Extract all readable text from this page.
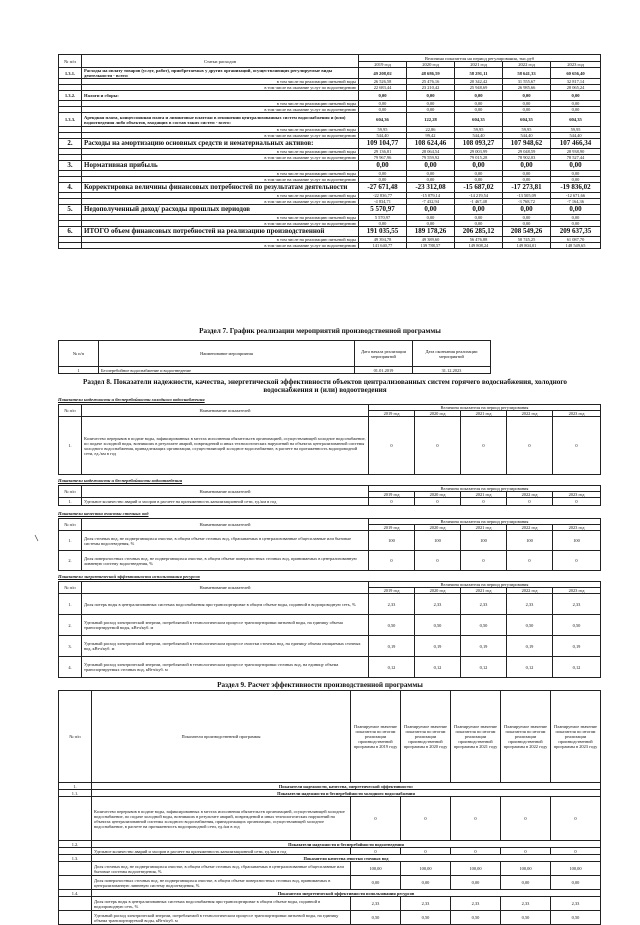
№ п/п	Статьи расходов	Величина показателя на период регулирования, тыс.руб				
		2019 год	2020 год	2021 год	2022 год	2023 год
1.3.1.	Расходы на оплату товаров (услуг, работ), приобретаемых у других организаций, осуществляющих регулируемые виды деятельности - всего:	49 208,02	48 686,59	58 291,11	58 641,33	60 656,40
	в том числе на реализацию питьевой воды	26 526,58	25 476,16	20 342,42	31 555,67	32 817,14
	в том числе на оказание услуг по водоотведению	22 683,44	23 210,42	25 948,69	26 985,66	28 065,24
1.3.2.	Налоги и сборы:	0,00	0,00	0,00	0,00	0,00
	в том числе на реализацию питьевой воды	0,00	0,00	0,00	0,00	0,00
	в том числе на оказание услуг по водоотведению	0,00	0,00	0,00	0,00	0,00
1.3.3.	Арендная плата, концессионная плата и лизинговые платежи в отношении централизованных систем водоснабжения и (или) водоотведения либо объектов, входящих в состав таких систем - всего:	604,36	122,28	604,35	604,35	604,35
	в том числе на реализацию питьевой воды	59,95	22,86	59,95	59,95	59,95
	в том числе на оказание услуг по водоотведению	544,40	99,42	544,40	544,40	544,40
2.	Расходы на амортизацию основных средств и нематериальных активов:	109 104,77	108 624,46	108 093,27	107 948,62	107 466,34
	в том числе на реализацию питьевой воды	29 136,81	28 064,54	29 003,99	29 048,59	28 938,90
	в том числе на оказание услуг по водоотведению	79 967,96	79 559,92	79 015,28	78 902,03	78 527,44
3.	Нормативная прибыль	0,00	0,00	0,00	0,00	0,00
	в том числе на реализацию питьевой воды	0,00	0,00	0,00	0,00	0,00
	в том числе на оказание услуг по водоотведению	0,00	0,00	0,00	0,00	0,00
4.	Корректировка величины финансовых потребностей по результатам деятельности	-27 671,48	-23 312,08	-15 687,02	-17 273,81	-19 836,02
	в том числе на реализацию питьевой воды	-22 836,77	-15 879,14	-14 219,54	-13 505,09	-12 671,66
	в том числе на оказание услуг по водоотведению	-4 834,71	-7 432,94	-1 467,48	-3 768,72	-7 164,36
5.	Недополученный доход/ расходы прошлых периодов	5 570,97	0,00	0,00	0,00	0,00
	в том числе на реализацию питьевой воды	5 570,97	0,00	0,00	0,00	0,00
	в том числе на оказание услуг по водоотведению	0,00	0,00	0,00	0,00	0,00
6.	ИТОГО объем финансовых потребностей на реализацию производственной	191 035,55	189 178,26	206 285,12	208 549,26	209 637,35
	в том числе на реализацию питьевой воды	49 394,78	49 389,60	56 476,88	58 745,25	61 087,70
	в том числе на оказание услуг по водоотведению	141 640,77	139 788,57	149 808,24	149 804,01	148 549,65
Раздел 7. График реализации мероприятий производственной программы
№ п/п	Наименование мероприятия	Дата начала реализации мероприятий	Дата окончания реализации мероприятий
1	Бесперебойное водоснабжение и водоотведение	01.01.2019	31.12.2023
Раздел 8. Показатели надежности, качества, энергетической эффективности объектов централизованных систем горячего водоснабжения, холодного водоснабжения и (или) водоотведения
Показатели надежности и бесперебойности холодного водоснабжения
№ п/п	Наименование показателей	Величина показателя на период регулирования				
		2019 год	2020 год	2021 год	2022 год	2023 год
1.	Количество перерывов в подаче воды, зафиксированных в местах исполнения обязательств организацией, осуществляющей холодное водоснабжение, по подаче холодной воды, возникших в результате аварий, повреждений и иных технологических нарушений на объектах централизованной системы холодного водоснабжения, принадлежащих организации, осуществляющей холодное водоснабжение, в расчете на протяженность водопроводной сети, ед./км в год	0	0	0	0	0
Показатели надежности и бесперебойности водоотведения
№ п/п	Наименование показателей	Величина показателя на период регулирования				
		2019 год	2020 год	2021 год	2022 год	2023 год
1.	Удельное количество аварий и засоров в расчете на протяженность канализационной сети, ед./км в год	0	0	0	0	0
Показатели качества очистки сточных вод
№ п/п	Наименование показателей	Величина показателя на период регулирования				
		2019 год	2020 год	2021 год	2022 год	2023 год
1.	Доля сточных вод, не подвергающихся очистке, в общем объеме сточных вод, сбрасываемых в централизованные общесплавные или бытовые системы водоотведения, %	100	100	100	100	100
2.	Доля поверхностных сточных вод, не подвергающихся очистке, в общем объеме поверхностных сточных вод, принимаемых в централизованную ливневую систему водоотведения, %	0	0	0	0	0
Показатели энергетической эффективности использования ресурсов
№ п/п	Наименование показателей	Величина показателя на период регулирования				
		2019 год	2020 год	2021 год	2022 год	2023 год
1.	Доля потерь воды в централизованных системах водоснабжения при транспортировке в общем объеме воды, поданной в водопроводную сеть, %	2,33	2,33	2,33	2,33	2,33
2.	Удельный расход электрической энергии, потребляемой в технологическом процессе транспортировки питьевой воды, на единицу объема транспортируемой воды, кВтч/куб. м	0,50	0,50	0,50	0,50	0,50
3.	Удельный расход электрической энергии, потребляемой в технологическом процессе очистки сточных вод, на единицу объема очищаемых сточных вод, кВтч/куб. м	0,19	0,19	0,19	0,19	0,19
4.	Удельный расход электрической энергии, потребляемой в технологическом процессе транспортировки сточных вод, на единицу объема транспортируемых сточных вод, кВтч/куб. м	0,12	0,12	0,12	0,12	0,12
Раздел 9. Расчет эффективности производственной программы
№ п/п	Показатели производственной программы	Планируемое значение показателя по итогам реализации производственной программы в 2019 году	Планируемое значение показателя по итогам реализации производственной программы в 2020 году	Планируемое значение показателя по итогам реализации производственной программы в 2021 году	Планируемое значение показателя по итогам реализации производственной программы в 2022 году	Планируемое значение показателя по итогам реализации производственной программы в 2023 году
1.	Показатели надежности, качества, энергетической эффективности:					
1.1.	Показатели надежности и бесперебойности холодного водоснабжения					
	Количество перерывов в подаче воды, зафиксированных в местах исполнения обязательств организацией, осуществляющей холодное водоснабжение, по подаче холодной воды, возникших в результате аварий, повреждений и иных технологических нарушений на объектах централизованной системы холодного водоснабжения, принадлежащих организации, осуществляющей холодное водоснабжение, в расчете на протяженность водопроводной сети, ед./км в год	0	0	0	0	0
1.2.	Показатели надежности и бесперебойности водоотведения					
	Удельное количество аварий и засоров в расчете на протяженность канализационной сети, ед./км в год	0	0	0	0	0
1.3.	Показатели качества очистки сточных вод					
	Доля сточных вод, не подвергающихся очистке, в общем объеме сточных вод, сбрасываемых в централизованные общесплавные или бытовые системы водоотведения, %	100,00	100,00	100,00	100,00	100,00
	Доля поверхностных сточных вод, не подвергающихся очистке, в общем объеме поверхностных сточных вод, принимаемых в централизованную ливневую систему водоотведения, %	0,00	0,00	0,00	0,00	0,00
1.4.	Показатели энергетической эффективности использования ресурсов					
	Доля потерь воды в централизованных системах водоснабжения при транспортировке в общем объеме воды, поданной в водопроводную сеть, %	2,33	2,33	2,33	2,33	2,33
	Удельный расход электрической энергии, потребляемой в технологическом процессе транспортировки питьевой воды, на единицу объема транспортируемой воды, кВтч/куб. м	0,50	0,50	0,50	0,50	0,50
